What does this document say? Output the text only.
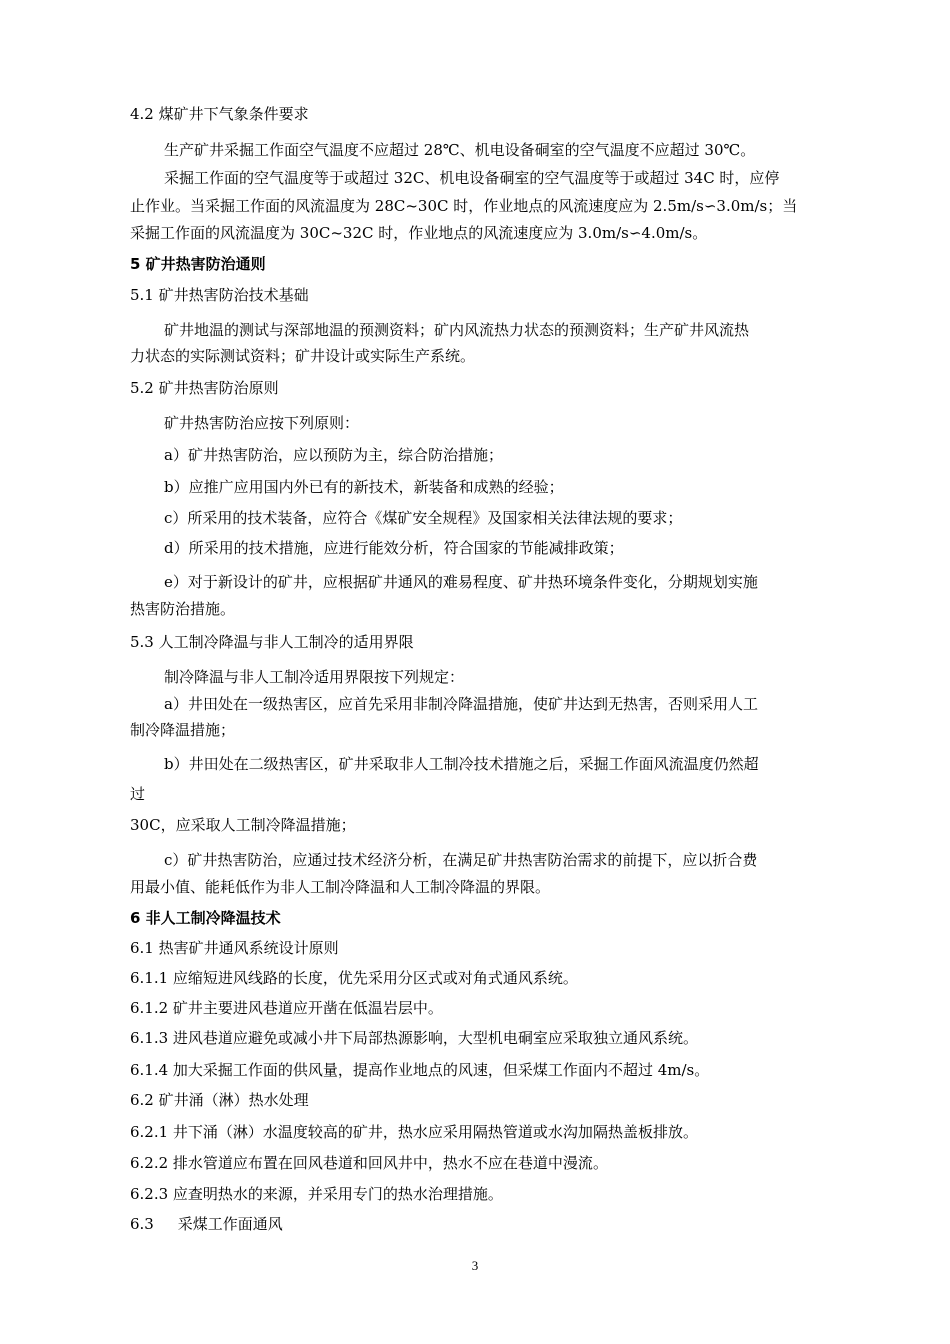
4.2 煤矿井下气象条件要求
生产矿井采掘工作面空气温度不应超过 28℃、机电设备硐室的空气温度不应超过 30℃。
采掘工作面的空气温度等于或超过 32C、机电设备硐室的空气温度等于或超过 34C 时，应停
止作业。当采掘工作面的风流温度为 28C~30C 时，作业地点的风流速度应为 2.5m/s∽3.0m/s；当
采掘工作面的风流温度为 30C~32C 时，作业地点的风流速度应为 3.0m/s∽4.0m/s。
5 矿井热害防治通则
5.1 矿井热害防治技术基础
矿井地温的测试与深部地温的预测资料；矿内风流热力状态的预测资料；生产矿井风流热
力状态的实际测试资料；矿井设计或实际生产系统。
5.2 矿井热害防治原则
矿井热害防治应按下列原则：
a）矿井热害防治，应以预防为主，综合防治措施；
b）应推广应用国内外已有的新技术，新装备和成熟的经验；
c）所采用的技术装备，应符合《煤矿安全规程》及国家相关法律法规的要求；
d）所采用的技术措施，应进行能效分析，符合国家的节能减排政策；
e）对于新设计的矿井，应根据矿井通风的难易程度、矿井热环境条件变化，分期规划实施
热害防治措施。
5.3 人工制冷降温与非人工制冷的适用界限
制冷降温与非人工制冷适用界限按下列规定：
a）井田处在一级热害区，应首先采用非制冷降温措施，使矿井达到无热害，否则采用人工
制冷降温措施；
b）井田处在二级热害区，矿井采取非人工制冷技术措施之后，采掘工作面风流温度仍然超
过
30C，应采取人工制冷降温措施；
c）矿井热害防治，应通过技术经济分析，在满足矿井热害防治需求的前提下，应以折合费
用最小值、能耗低作为非人工制冷降温和人工制冷降温的界限。
6 非人工制冷降温技术
6.1 热害矿井通风系统设计原则
6.1.1 应缩短进风线路的长度，优先采用分区式或对角式通风系统。
6.1.2 矿井主要进风巷道应开凿在低温岩层中。
6.1.3 进风巷道应避免或减小井下局部热源影响，大型机电硐室应采取独立通风系统。
6.1.4 加大采掘工作面的供风量，提高作业地点的风速，但采煤工作面内不超过 4m/s。
6.2 矿井涌（淋）热水处理
6.2.1 井下涌（淋）水温度较高的矿井，热水应采用隔热管道或水沟加隔热盖板排放。
6.2.2 排水管道应布置在回风巷道和回风井中，热水不应在巷道中漫流。
6.2.3 应查明热水的来源，并采用专门的热水治理措施。
6.3     采煤工作面通风
3
